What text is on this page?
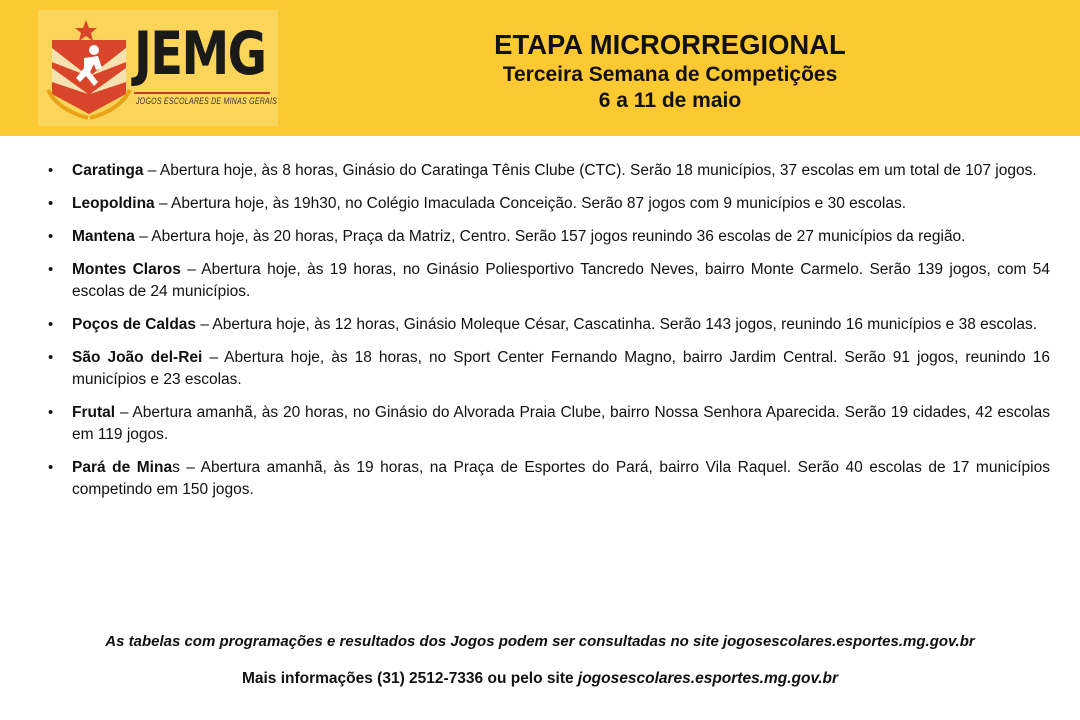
JEMG
JOGOS ESCOLARES DE MINAS GERAIS
ETAPA MICRORREGIONAL
Terceira Semana de Competições
6 a 11 de maio
• Caratinga – Abertura hoje, às 8 horas, Ginásio do Caratinga Tênis Clube (CTC). Serão 18 municípios, 37 escolas em um total de 107 jogos.
• Leopoldina – Abertura hoje, às 19h30, no Colégio Imaculada Conceição. Serão 87 jogos com 9 municípios e 30 escolas.
• Mantena – Abertura hoje, às 20 horas, Praça da Matriz, Centro. Serão 157 jogos reunindo 36 escolas de 27 municípios da região.
• Montes Claros – Abertura hoje, às 19 horas, no Ginásio Poliesportivo Tancredo Neves, bairro Monte Carmelo. Serão 139 jogos, com 54 escolas de 24 municípios.
• Poços de Caldas – Abertura hoje, às 12 horas, Ginásio Moleque César, Cascatinha. Serão 143 jogos, reunindo 16 municípios e 38 escolas.
• São João del-Rei – Abertura hoje, às 18 horas, no Sport Center Fernando Magno, bairro Jardim Central. Serão 91 jogos, reunindo 16 municípios e 23 escolas.
• Frutal – Abertura amanhã, às 20 horas, no Ginásio do Alvorada Praia Clube, bairro Nossa Senhora Aparecida. Serão 19 cidades, 42 escolas em 119 jogos.
• Pará de Minas – Abertura amanhã, às 19 horas, na Praça de Esportes do Pará, bairro Vila Raquel. Serão 40 escolas de 17 municípios competindo em 150 jogos.
As tabelas com programações e resultados dos Jogos podem ser consultadas no site jogosescolares.esportes.mg.gov.br
Mais informações (31) 2512-7336 ou pelo site jogosescolares.esportes.mg.gov.br
